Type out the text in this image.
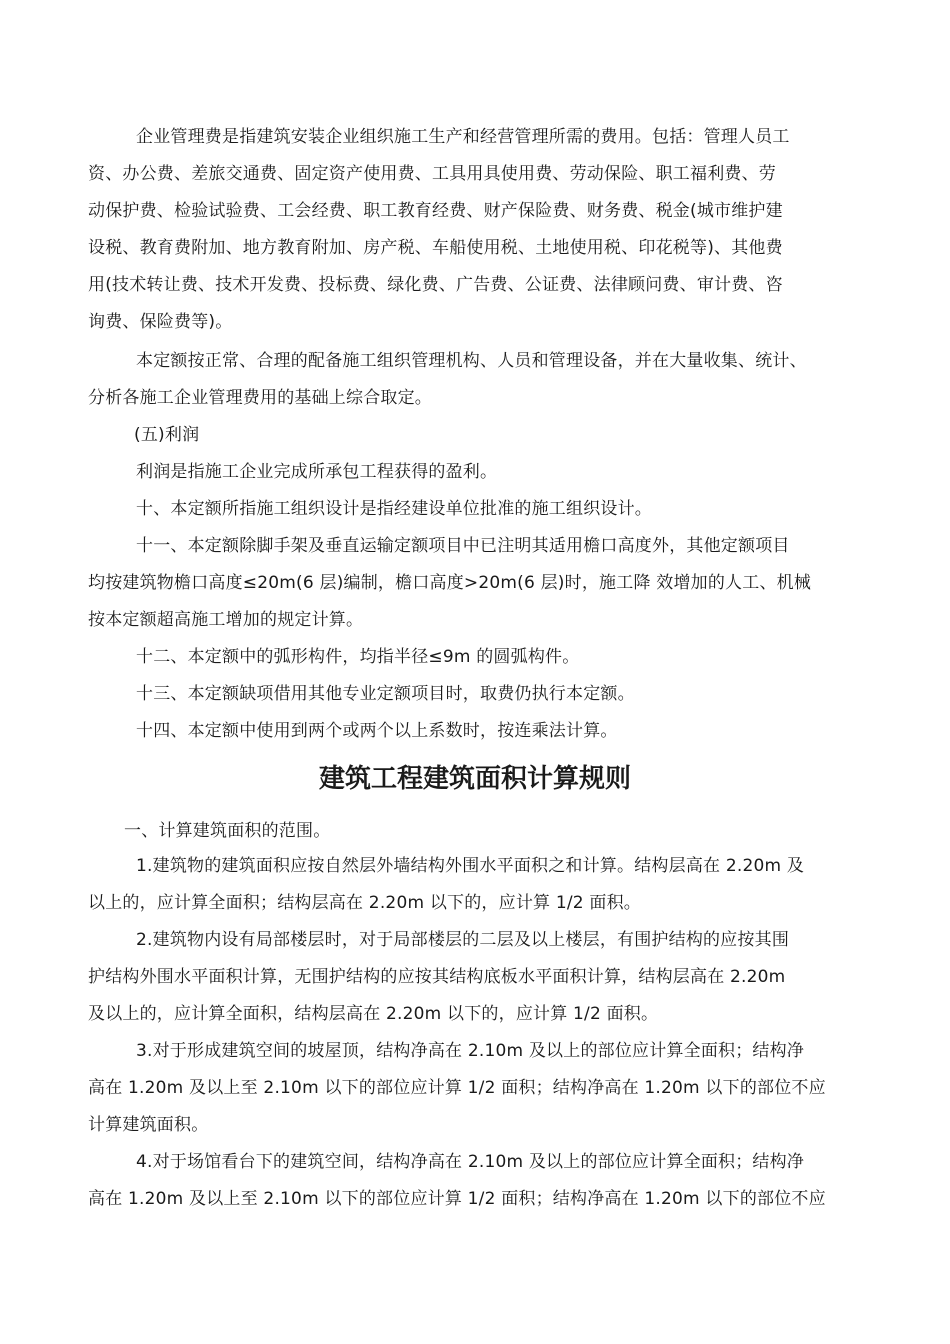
企业管理费是指建筑安装企业组织施工生产和经营管理所需的费用。包括：管理人员工
资、办公费、差旅交通费、固定资产使用费、工具用具使用费、劳动保险、职工福利费、劳
动保护费、检验试验费、工会经费、职工教育经费、财产保险费、财务费、税金(城市维护建
设税、教育费附加、地方教育附加、房产税、车船使用税、土地使用税、印花税等)、其他费
用(技术转让费、技术开发费、投标费、绿化费、广告费、公证费、法律顾问费、审计费、咨
询费、保险费等)。
本定额按正常、合理的配备施工组织管理机构、人员和管理设备，并在大量收集、统计、
分析各施工企业管理费用的基础上综合取定。
(五)利润
利润是指施工企业完成所承包工程获得的盈利。
十、本定额所指施工组织设计是指经建设单位批准的施工组织设计。
十一、本定额除脚手架及垂直运输定额项目中已注明其适用檐口高度外，其他定额项目
均按建筑物檐口高度≤20m(6 层)编制，檐口高度>20m(6 层)时，施工降 效增加的人工、机械
按本定额超高施工增加的规定计算。
十二、本定额中的弧形构件，均指半径≤9m 的圆弧构件。
十三、本定额缺项借用其他专业定额项目时，取费仍执行本定额。
十四、本定额中使用到两个或两个以上系数时，按连乘法计算。
建筑工程建筑面积计算规则
一、计算建筑面积的范围。
1.建筑物的建筑面积应按自然层外墙结构外围水平面积之和计算。结构层高在 2.20m 及
以上的，应计算全面积；结构层高在 2.20m 以下的，应计算 1/2 面积。
2.建筑物内设有局部楼层时，对于局部楼层的二层及以上楼层，有围护结构的应按其围
护结构外围水平面积计算，无围护结构的应按其结构底板水平面积计算，结构层高在 2.20m
及以上的，应计算全面积，结构层高在 2.20m 以下的，应计算 1/2 面积。
3.对于形成建筑空间的坡屋顶，结构净高在 2.10m 及以上的部位应计算全面积；结构净
高在 1.20m 及以上至 2.10m 以下的部位应计算 1/2 面积；结构净高在 1.20m 以下的部位不应
计算建筑面积。
4.对于场馆看台下的建筑空间，结构净高在 2.10m 及以上的部位应计算全面积；结构净
高在 1.20m 及以上至 2.10m 以下的部位应计算 1/2 面积；结构净高在 1.20m 以下的部位不应
